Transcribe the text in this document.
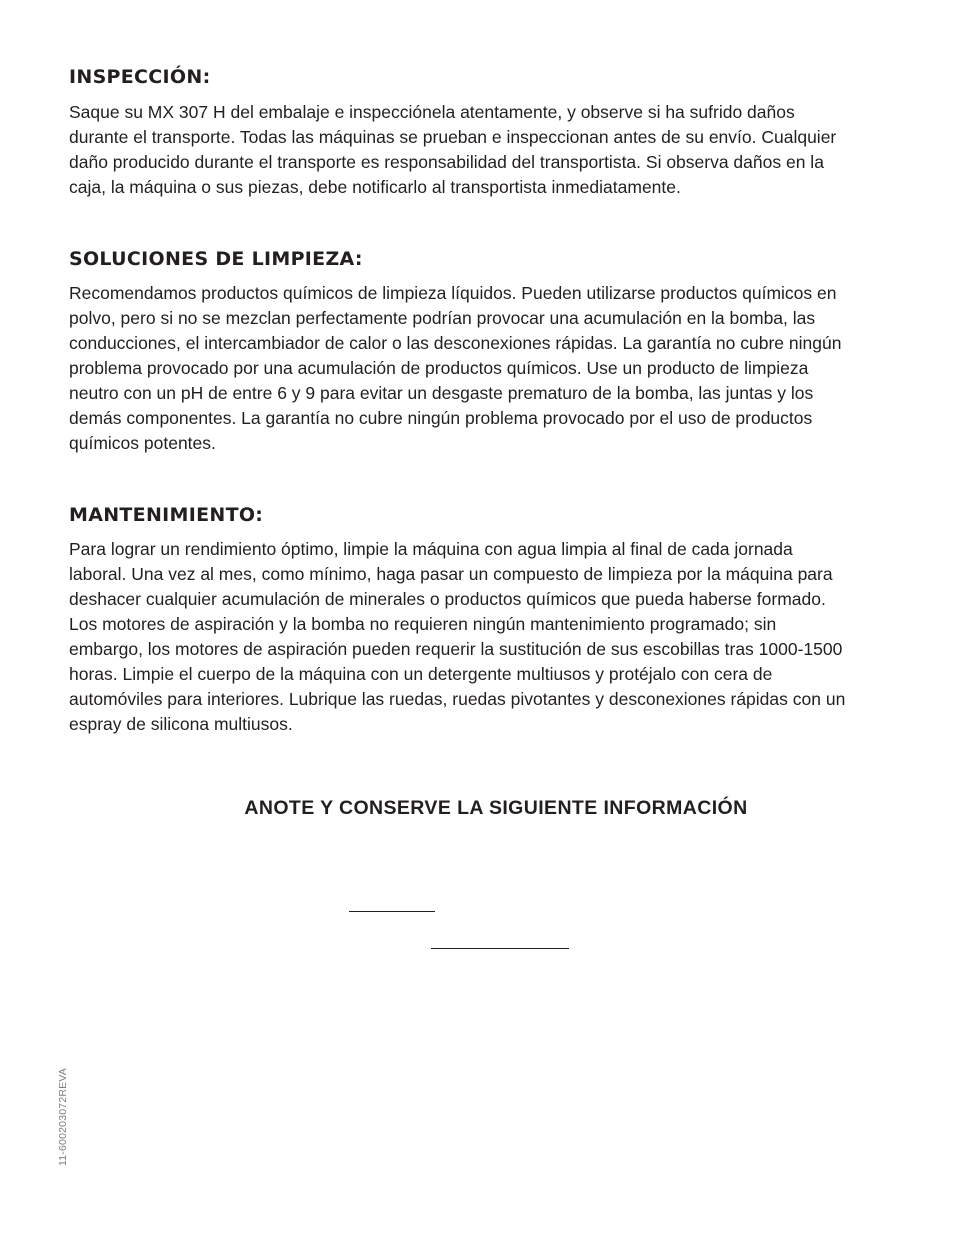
INSPECCIÓN:
Saque su MX 307 H del embalaje e inspecciónela atentamente, y observe si ha sufrido daños
durante el transporte. Todas las máquinas se prueban e inspeccionan antes de su envío. Cualquier
daño producido durante el transporte es responsabilidad del transportista. Si observa daños en la
caja, la máquina o sus piezas, debe notificarlo al transportista inmediatamente.
SOLUCIONES DE LIMPIEZA:
Recomendamos productos químicos de limpieza líquidos. Pueden utilizarse productos químicos en
polvo, pero si no se mezclan perfectamente podrían provocar una acumulación en la bomba, las
conducciones, el intercambiador de calor o las desconexiones rápidas. La garantía no cubre ningún
problema provocado por una acumulación de productos químicos. Use un producto de limpieza
neutro con un pH de entre 6 y 9 para evitar un desgaste prematuro de la bomba, las juntas y los
demás componentes. La garantía no cubre ningún problema provocado por el uso de productos
químicos potentes.
MANTENIMIENTO:
Para lograr un rendimiento óptimo, limpie la máquina con agua limpia al final de cada jornada
laboral. Una vez al mes, como mínimo, haga pasar un compuesto de limpieza por la máquina para
deshacer cualquier acumulación de minerales o productos químicos que pueda haberse formado.
Los motores de aspiración y la bomba no requieren ningún mantenimiento programado; sin
embargo, los motores de aspiración pueden requerir la sustitución de sus escobillas tras 1000-1500
horas. Limpie el cuerpo de la máquina con un detergente multiusos y protéjalo con cera de
automóviles para interiores. Lubrique las ruedas, ruedas pivotantes y desconexiones rápidas con un
espray de silicona multiusos.
ANOTE Y CONSERVE LA SIGUIENTE INFORMACIÓN
11-600203072REVA
